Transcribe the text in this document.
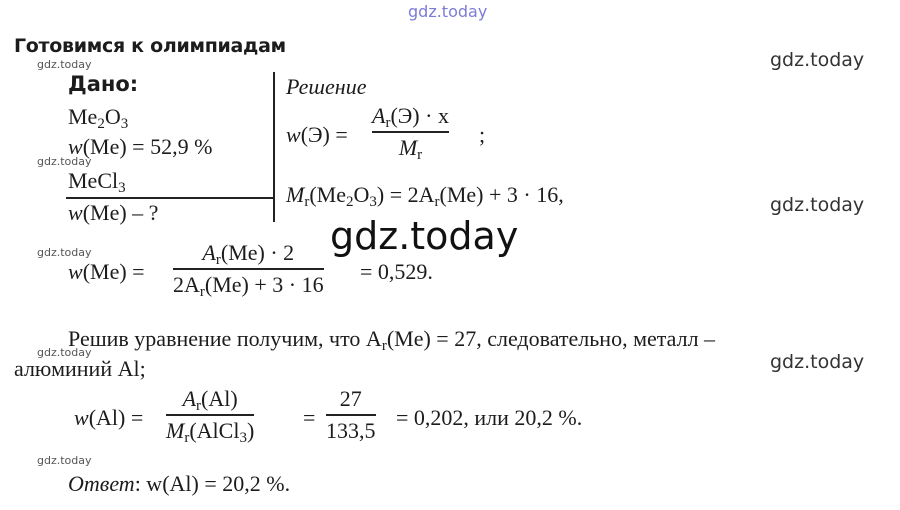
gdz.today
gdz.today
gdz.today
gdz.today
gdz.today
gdz.today
gdz.today
gdz.today
gdz.today
gdz.today
Готовимся к олимпиадам
Дано:
$Me_2O_3$
w(Me) = 52,9 %
MeCl$_3$
w(Me) – ?
Решение
w(Э) =
$A_r(Э) \cdot x$
$M_r$
;
$M_r(Me_2O_3) = 2A_r(Me) + 3 \cdot 16$,
w(Me) =
$A_r(Me) \cdot 2$
$2A_r(Me) + 3 \cdot 16 = 0,529$.
Решив уравнение получим, что $A_r(Me) = 27$, следовательно, металл –
алюминий Al;
w(Al) =
$A_r(Al)$
$M_r(AlCl_3)$ =
27
133,5 = 0,202, или 20,2 %.
Ответ: w(Al) = 20,2 %.
